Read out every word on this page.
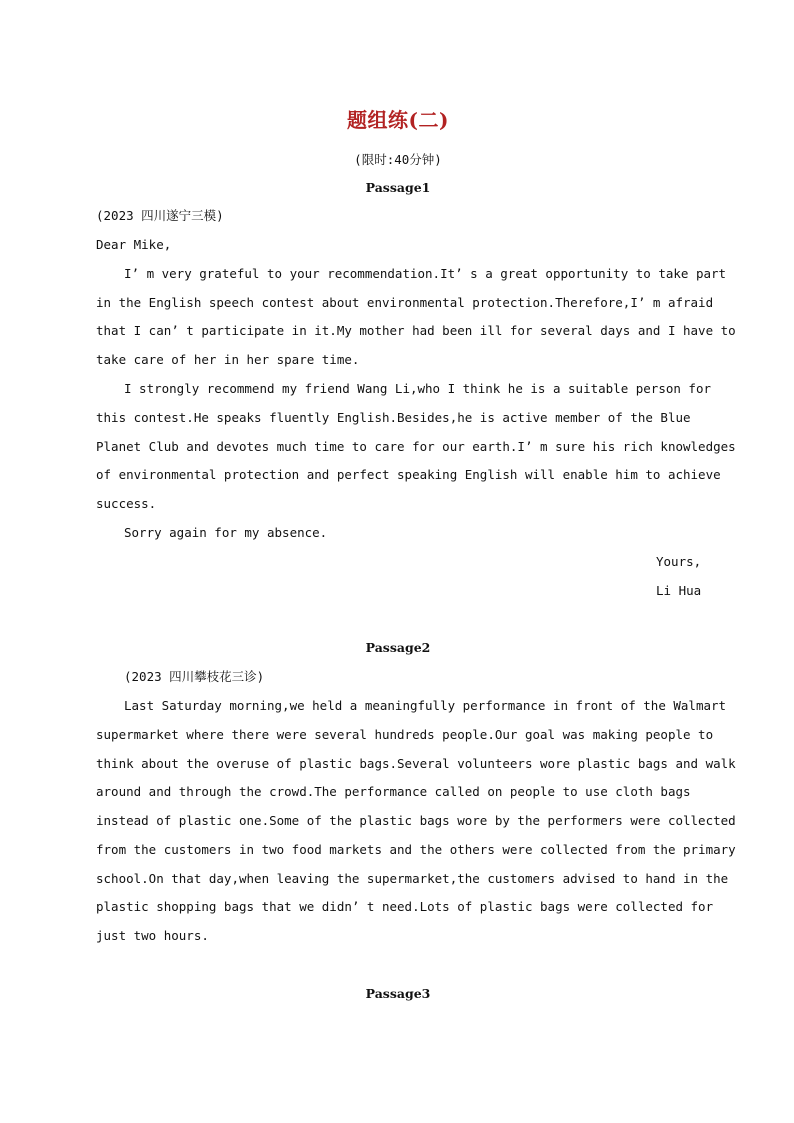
题组练(二)
(限时:40分钟)
Passage1
(2023 四川遂宁三模)
Dear Mike,
I’ m very grateful to your recommendation.It’ s a great opportunity to take part
in the English speech contest about environmental protection.Therefore,I’ m afraid
that I can’ t participate in it.My mother had been ill for several days and I have to
take care of her in her spare time.
I strongly recommend my friend Wang Li,who I think he is a suitable person for
this contest.He speaks fluently English.Besides,he is active member of the Blue
Planet Club and devotes much time to care for our earth.I’ m sure his rich knowledges
of environmental protection and perfect speaking English will enable him to achieve
success.
Sorry again for my absence.
Yours,
Li Hua
Passage2
(2023 四川攀枝花三诊)
Last Saturday morning,we held a meaningfully performance in front of the Walmart
supermarket where there were several hundreds people.Our goal was making people to
think about the overuse of plastic bags.Several volunteers wore plastic bags and walk
around and through the crowd.The performance called on people to use cloth bags
instead of plastic one.Some of the plastic bags wore by the performers were collected
from the customers in two food markets and the others were collected from the primary
school.On that day,when leaving the supermarket,the customers advised to hand in the
plastic shopping bags that we didn’ t need.Lots of plastic bags were collected for
just two hours.
Passage3
